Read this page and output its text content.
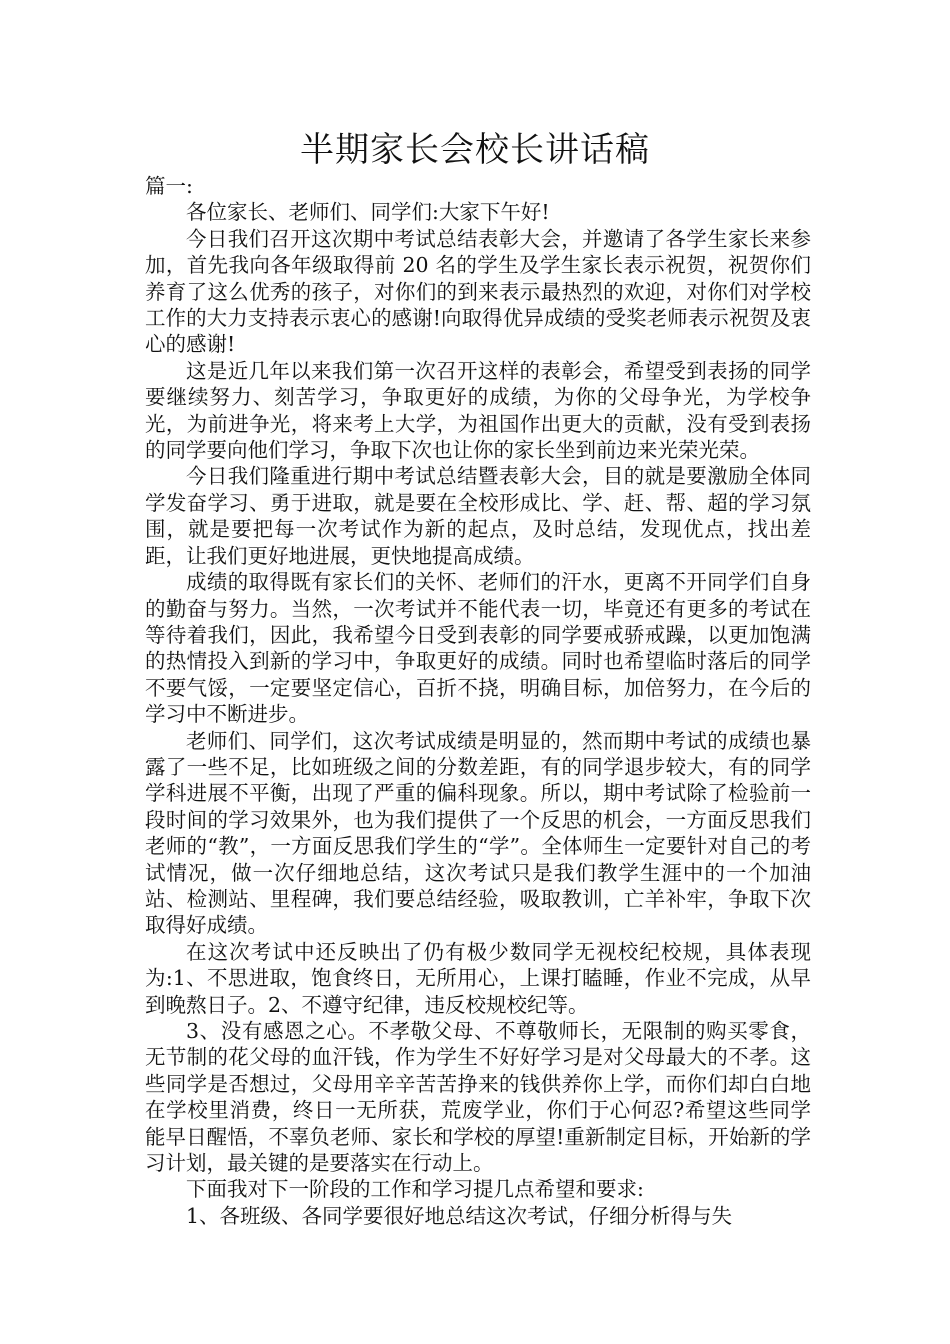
半期家长会校长讲话稿

篇一:

各位家长、老师们、同学们:大家下午好!

今日我们召开这次期中考试总结表彰大会，并邀请了各学生家长来参加，首先我向各年级取得前 20 名的学生及学生家长表示祝贺，祝贺你们养育了这么优秀的孩子，对你们的到来表示最热烈的欢迎，对你们对学校工作的大力支持表示衷心的感谢!向取得优异成绩的受奖老师表示祝贺及衷心的感谢!

这是近几年以来我们第一次召开这样的表彰会，希望受到表扬的同学要继续努力、刻苦学习，争取更好的成绩，为你的父母争光，为学校争光，为前进争光，将来考上大学，为祖国作出更大的贡献，没有受到表扬的同学要向他们学习，争取下次也让你的家长坐到前边来光荣光荣。

今日我们隆重进行期中考试总结暨表彰大会，目的就是要激励全体同学发奋学习、勇于进取，就是要在全校形成比、学、赶、帮、超的学习氛围，就是要把每一次考试作为新的起点，及时总结，发现优点，找出差距，让我们更好地进展，更快地提高成绩。

成绩的取得既有家长们的关怀、老师们的汗水，更离不开同学们自身的勤奋与努力。当然，一次考试并不能代表一切，毕竟还有更多的考试在等待着我们，因此，我希望今日受到表彰的同学要戒骄戒躁，以更加饱满的热情投入到新的学习中，争取更好的成绩。同时也希望临时落后的同学不要气馁，一定要坚定信心，百折不挠，明确目标，加倍努力，在今后的学习中不断进步。

老师们、同学们，这次考试成绩是明显的，然而期中考试的成绩也暴露了一些不足，比如班级之间的分数差距，有的同学退步较大，有的同学学科进展不平衡，出现了严重的偏科现象。所以，期中考试除了检验前一段时间的学习效果外，也为我们提供了一个反思的机会，一方面反思我们老师的“教”，一方面反思我们学生的“学”。全体师生一定要针对自己的考试情况，做一次仔细地总结，这次考试只是我们教学生涯中的一个加油站、检测站、里程碑，我们要总结经验，吸取教训，亡羊补牢，争取下次取得好成绩。

在这次考试中还反映出了仍有极少数同学无视校纪校规，具体表现为:1、不思进取，饱食终日，无所用心，上课打瞌睡，作业不完成，从早到晚熬日子。2、不遵守纪律，违反校规校纪等。

3、没有感恩之心。不孝敬父母、不尊敬师长，无限制的购买零食，无节制的花父母的血汗钱，作为学生不好好学习是对父母最大的不孝。这些同学是否想过，父母用辛辛苦苦挣来的钱供养你上学，而你们却白白地在学校里消费，终日一无所获，荒废学业，你们于心何忍?希望这些同学能早日醒悟，不辜负老师、家长和学校的厚望!重新制定目标，开始新的学习计划，最关键的是要落实在行动上。

下面我对下一阶段的工作和学习提几点希望和要求:

1、各班级、各同学要很好地总结这次考试，仔细分析得与失
